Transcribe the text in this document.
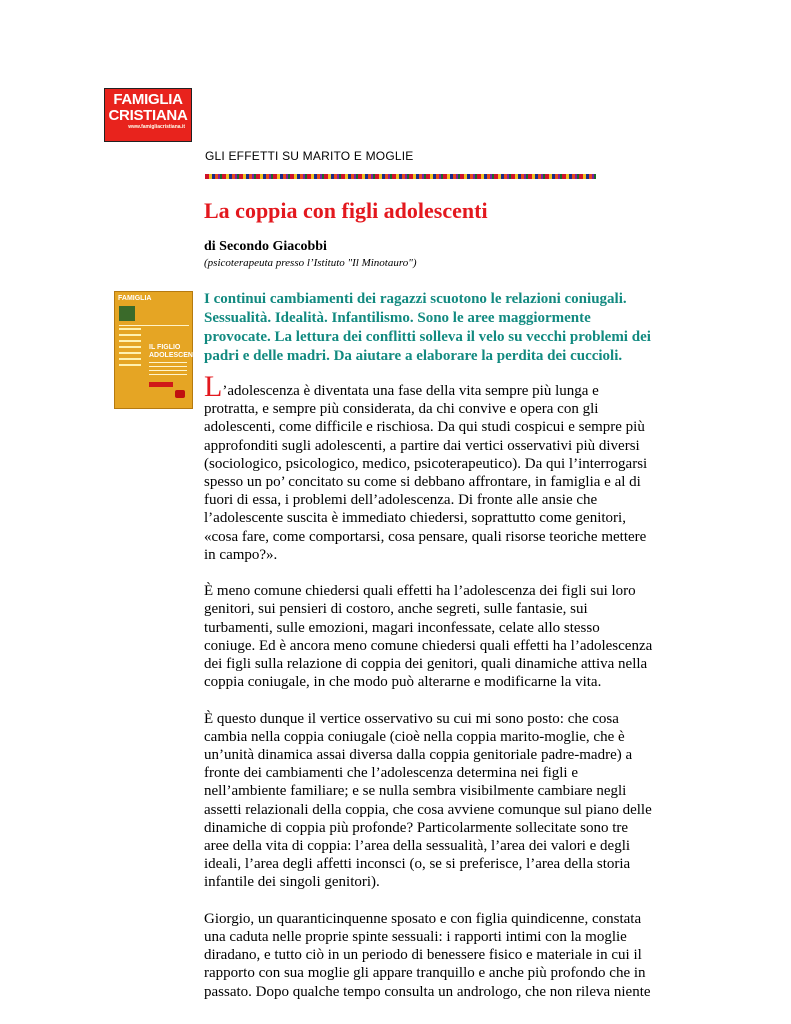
FAMIGLIA
CRISTIANA
www.famigliacristiana.it
GLI EFFETTI SU MARITO E MOGLIE
La coppia con figli adolescenti
di Secondo Giacobbi
(psicoterapeuta presso l’Istituto "Il Minotauro")
FAMIGLIA
IL FIGLIO
ADOLESCENTE

I continui cambiamenti dei ragazzi scuotono le relazioni coniugali. Sessualità. Idealità. Infantilismo. Sono le aree maggiormente provocate. La lettura dei conflitti solleva il velo su vecchi problemi dei padri e delle madri. Da aiutare a elaborare la perdita dei cuccioli.

L’adolescenza è diventata una fase della vita sempre più lunga e protratta, e sempre più considerata, da chi convive e opera con gli adolescenti, come difficile e rischiosa. Da qui studi cospicui e sempre più approfonditi sugli adolescenti, a partire dai vertici osservativi più diversi (sociologico, psicologico, medico, psicoterapeutico). Da qui l’interrogarsi spesso un po’ concitato su come si debbano affrontare, in famiglia e al di fuori di essa, i problemi dell’adolescenza. Di fronte alle ansie che l’adolescente suscita è immediato chiedersi, soprattutto come genitori, «cosa fare, come comportarsi, cosa pensare, quali risorse teoriche mettere in campo?».

È meno comune chiedersi quali effetti ha l’adolescenza dei figli sui loro genitori, sui pensieri di costoro, anche segreti, sulle fantasie, sui turbamenti, sulle emozioni, magari inconfessate, celate allo stesso coniuge. Ed è ancora meno comune chiedersi quali effetti ha l’adolescenza dei figli sulla relazione di coppia dei genitori, quali dinamiche attiva nella coppia coniugale, in che modo può alterarne e modificarne la vita.

È questo dunque il vertice osservativo su cui mi sono posto: che cosa cambia nella coppia coniugale (cioè nella coppia marito-moglie, che è un’unità dinamica assai diversa dalla coppia genitoriale padre-madre) a fronte dei cambiamenti che l’adolescenza determina nei figli e nell’ambiente familiare; e se nulla sembra visibilmente cambiare negli assetti relazionali della coppia, che cosa avviene comunque sul piano delle dinamiche di coppia più profonde? Particolarmente sollecitate sono tre aree della vita di coppia: l’area della sessualità, l’area dei valori e degli ideali, l’area degli affetti inconsci (o, se si preferisce, l’area della storia infantile dei singoli genitori).

Giorgio, un quaranticinquenne sposato e con figlia quindicenne, constata una caduta nelle proprie spinte sessuali: i rapporti intimi con la moglie diradano, e tutto ciò in un periodo di benessere fisico e materiale in cui il rapporto con sua moglie gli appare tranquillo e anche più profondo che in passato. Dopo qualche tempo consulta un andrologo, che non rileva niente
